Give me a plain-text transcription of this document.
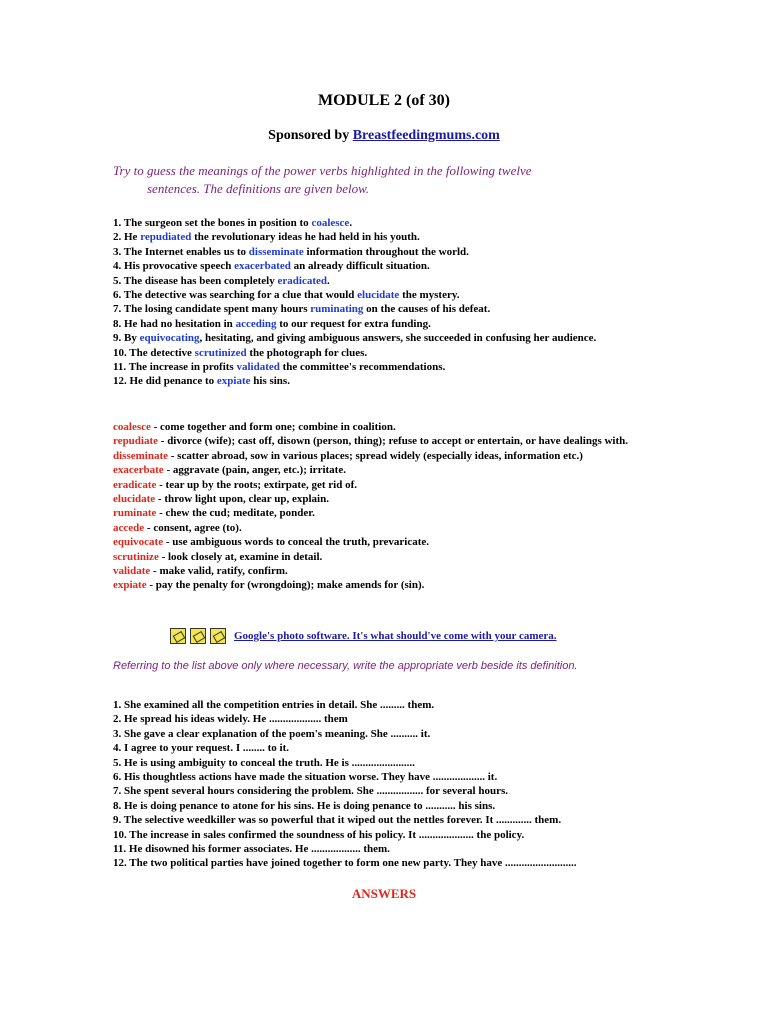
MODULE 2 (of 30)
Sponsored by Breastfeedingmums.com
Try to guess the meanings of the power verbs highlighted in the following twelve
sentences. The definitions are given below.
1. The surgeon set the bones in position to coalesce.
2. He repudiated the revolutionary ideas he had held in his youth.
3. The Internet enables us to disseminate information throughout the world.
4. His provocative speech exacerbated an already difficult situation.
5. The disease has been completely eradicated.
6. The detective was searching for a clue that would elucidate the mystery.
7. The losing candidate spent many hours ruminating on the causes of his defeat.
8. He had no hesitation in acceding to our request for extra funding.
9. By equivocating, hesitating, and giving ambiguous answers, she succeeded in confusing her audience.
10. The detective scrutinized the photograph for clues.
11. The increase in profits validated the committee's recommendations.
12. He did penance to expiate his sins.
coalesce - come together and form one; combine in coalition.
repudiate - divorce (wife); cast off, disown (person, thing); refuse to accept or entertain, or have dealings with.
disseminate - scatter abroad, sow in various places; spread widely (especially ideas, information etc.)
exacerbate - aggravate (pain, anger, etc.); irritate.
eradicate - tear up by the roots; extirpate, get rid of.
elucidate - throw light upon, clear up, explain.
ruminate - chew the cud; meditate, ponder.
accede - consent, agree (to).
equivocate - use ambiguous words to conceal the truth, prevaricate.
scrutinize - look closely at, examine in detail.
validate - make valid, ratify, confirm.
expiate - pay the penalty for (wrongdoing); make amends for (sin).
Google's photo software. It's what should've come with your camera.
Referring to the list above only where necessary, write the appropriate verb beside its definition.
1. She examined all the competition entries in detail. She ......... them.
2. He spread his ideas widely. He ................... them
3. She gave a clear explanation of the poem's meaning. She .......... it.
4. I agree to your request. I ........ to it.
5. He is using ambiguity to conceal the truth. He is .......................
6. His thoughtless actions have made the situation worse. They have ................... it.
7. She spent several hours considering the problem. She ................. for several hours.
8. He is doing penance to atone for his sins. He is doing penance to ........... his sins.
9. The selective weedkiller was so powerful that it wiped out the nettles forever. It ............. them.
10. The increase in sales confirmed the soundness of his policy. It .................... the policy.
11. He disowned his former associates. He .................. them.
12. The two political parties have joined together to form one new party. They have ..........................
ANSWERS
